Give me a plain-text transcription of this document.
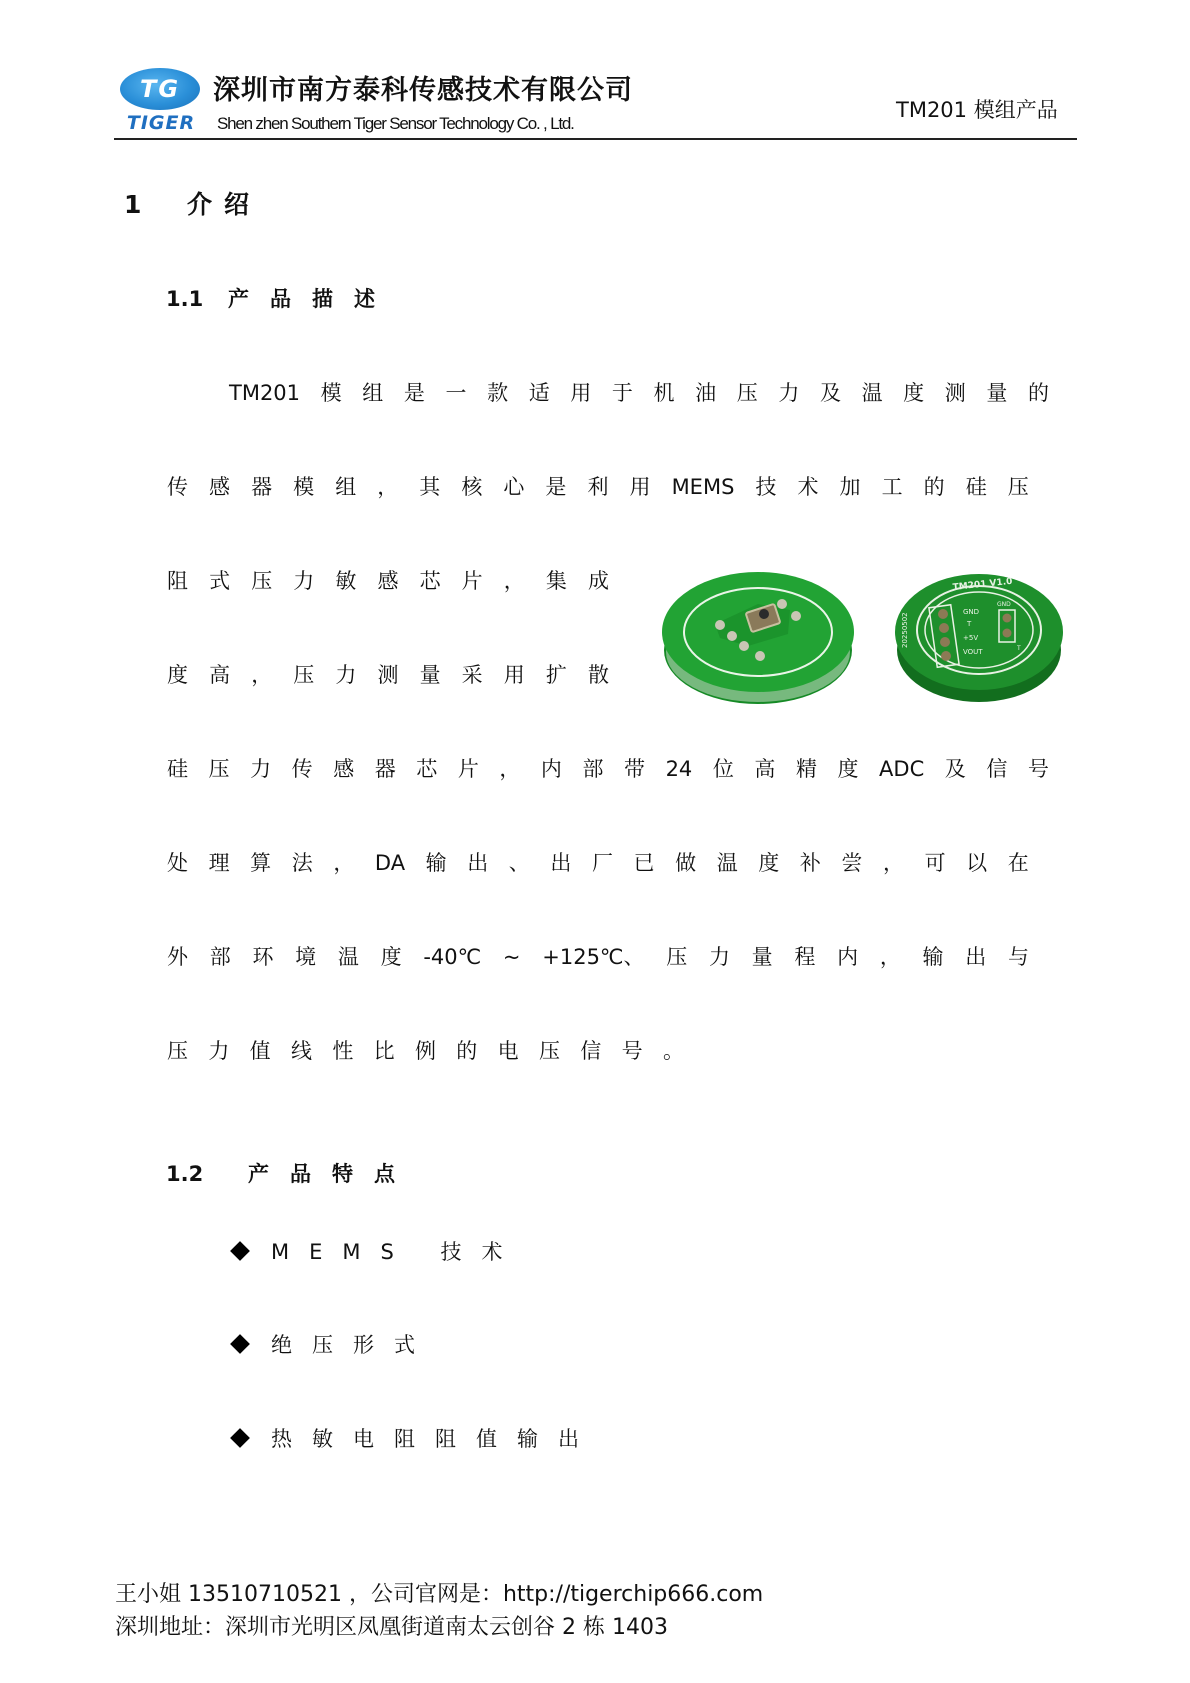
TG
TIGER
深圳市南方泰科传感技术有限公司
Shen zhen Southern Tiger Sensor Technology Co. , Ltd.
TM201 模组产品
1 介绍
1.1 产品描述
TM201 模 组 是 一 款 适 用 于 机 油 压 力 及 温 度 测 量 的
传 感 器 模 组 ， 其 核 心 是 利 用 MEMS 技 术 加 工 的 硅 压
阻 式 压 力 敏 感 芯 片 ， 集 成
度 高 ， 压 力 测 量 采 用 扩 散
硅 压 力 传 感 器 芯 片 ， 内 部 带 24 位 高 精 度 ADC 及 信 号
处 理 算 法 ， DA 输 出 、 出 厂 已 做 温 度 补 尝 ， 可 以 在
外 部 环 境 温 度 -40℃ ~ +125℃、 压 力 量 程 内 ， 输 出 与
压 力 值 线 性 比 例 的 电 压 信 号 。
TM201 V1.0
GND
T
+5V
VOUT
GND
T
20250502
1.2 产品特点
MEMS 技术
绝压形式
热敏电阻阻值输出
王小姐 13510710521 ，公司官网是：http://tigerchip666.com
深圳地址：深圳市光明区凤凰街道南太云创谷 2 栋 1403
